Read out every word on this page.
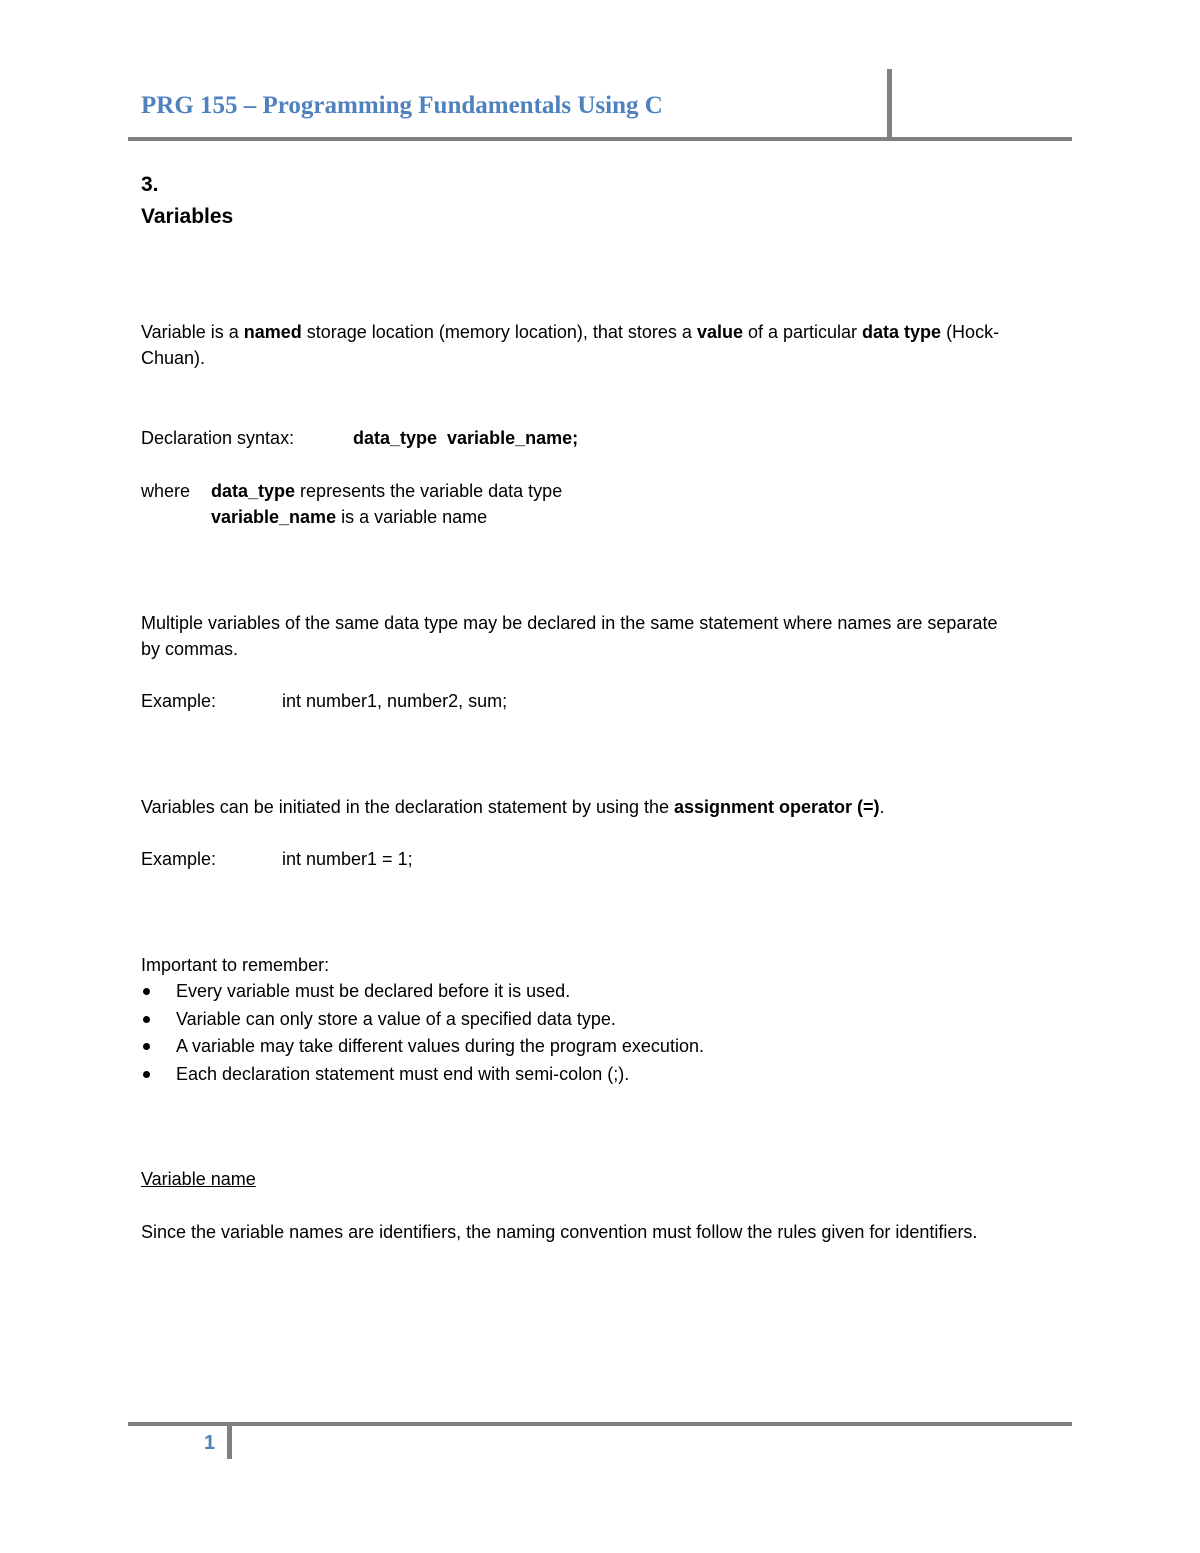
PRG 155 – Programming Fundamentals Using C
3.
Variables
Variable is a named storage location (memory location), that stores a value of a particular data type (Hock-Chuan).
Declaration syntax:	data_type  variable_name;
where data_type represents the variable data type
variable_name is a variable name
Multiple variables of the same data type may be declared in the same statement where names are separate by commas.
Example:	int number1, number2, sum;
Variables can be initiated in the declaration statement by using the assignment operator (=).
Example:	int number1 = 1;
Important to remember:
Every variable must be declared before it is used.
Variable can only store a value of a specified data type.
A variable may take different values during the program execution.
Each declaration statement must end with semi-colon (;).
Variable name
Since the variable names are identifiers, the naming convention must follow the rules given for identifiers.
1
